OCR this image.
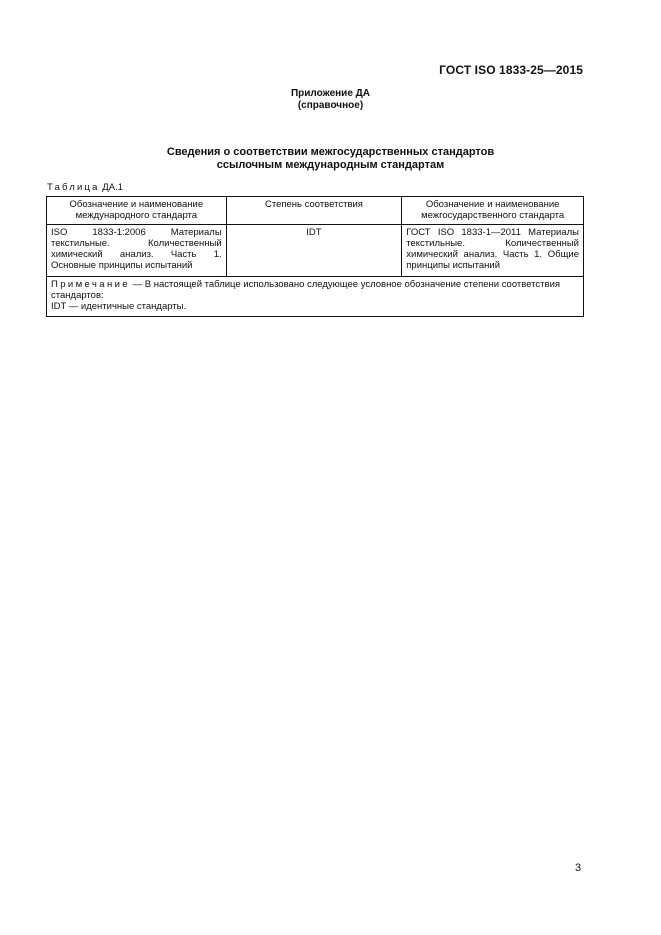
ГОСТ ISO 1833-25—2015
Приложение ДА
(справочное)
Сведения о соответствии межгосударственных стандартов
ссылочным международным стандартам
Таблица ДА.1
Обозначение и наименование международного стандарта	Степень соответствия	Обозначение и наименование межгосударственного стандарта
ISO 1833-1:2006 Материалы текстильные. Количественный химический анализ. Часть 1. Основные принципы испытаний	IDT	ГОСТ ISO 1833-1—2011 Материалы текстильные. Количественный химический анализ. Часть 1. Общие принципы испытаний
Примечание — В настоящей таблице использовано следующее условное обозначение степени соответствия стандартов:
IDT — идентичные стандарты.		
3
